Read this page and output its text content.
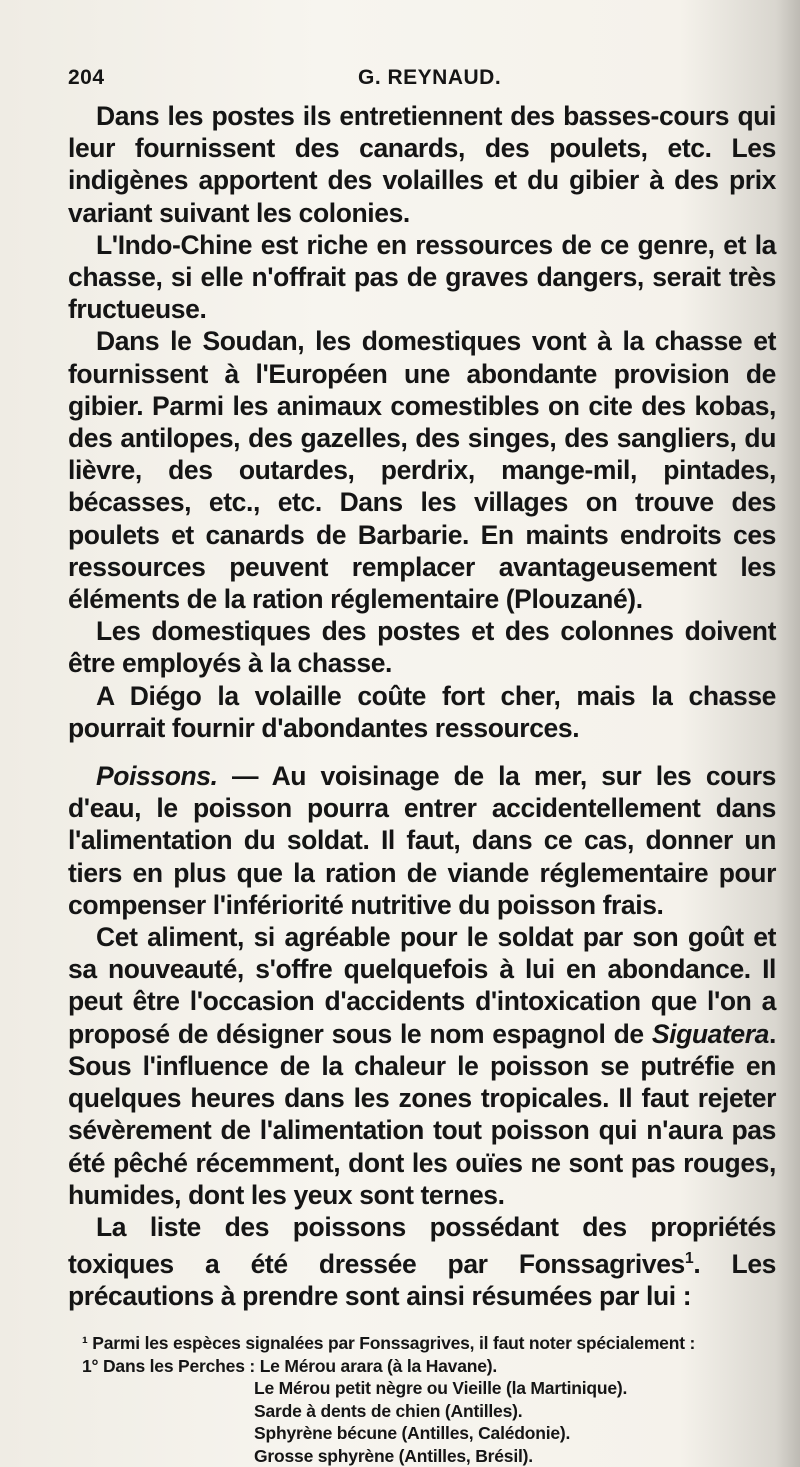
204	G. REYNAUD.

Dans les postes ils entretiennent des basses-cours qui leur fournissent des canards, des poulets, etc. Les indigènes apportent des volailles et du gibier à des prix variant suivant les colonies.

L'Indo-Chine est riche en ressources de ce genre, et la chasse, si elle n'offrait pas de graves dangers, serait très fructueuse.

Dans le Soudan, les domestiques vont à la chasse et fournissent à l'Européen une abondante provision de gibier. Parmi les animaux comestibles on cite des kobas, des antilopes, des gazelles, des singes, des sangliers, du lièvre, des outardes, perdrix, mange-mil, pintades, bécasses, etc., etc. Dans les villages on trouve des poulets et canards de Barbarie. En maints endroits ces ressources peuvent remplacer avantageusement les éléments de la ration réglementaire (Plouzané).

Les domestiques des postes et des colonnes doivent être employés à la chasse.

A Diégo la volaille coûte fort cher, mais la chasse pourrait fournir d'abondantes ressources.

Poissons. — Au voisinage de la mer, sur les cours d'eau, le poisson pourra entrer accidentellement dans l'alimentation du soldat. Il faut, dans ce cas, donner un tiers en plus que la ration de viande réglementaire pour compenser l'infériorité nutritive du poisson frais.

Cet aliment, si agréable pour le soldat par son goût et sa nouveauté, s'offre quelquefois à lui en abondance. Il peut être l'occasion d'accidents d'intoxication que l'on a proposé de désigner sous le nom espagnol de Siguatera. Sous l'influence de la chaleur le poisson se putréfie en quelques heures dans les zones tropicales. Il faut rejeter sévèrement de l'alimentation tout poisson qui n'aura pas été pêché récemment, dont les ouïes ne sont pas rouges, humides, dont les yeux sont ternes.

La liste des poissons possédant des propriétés toxiques a été dressée par Fonssagrives$^1$. Les précautions à prendre sont ainsi résumées par lui :

¹ Parmi les espèces signalées par Fonssagrives, il faut noter spécialement :
1° Dans les Perches : Le Mérou arara (à la Havane).
Le Mérou petit nègre ou Vieille (la Martinique).
Sarde à dents de chien (Antilles).
Sphyrène bécune (Antilles, Calédonie).
Grosse sphyrène (Antilles, Brésil).
